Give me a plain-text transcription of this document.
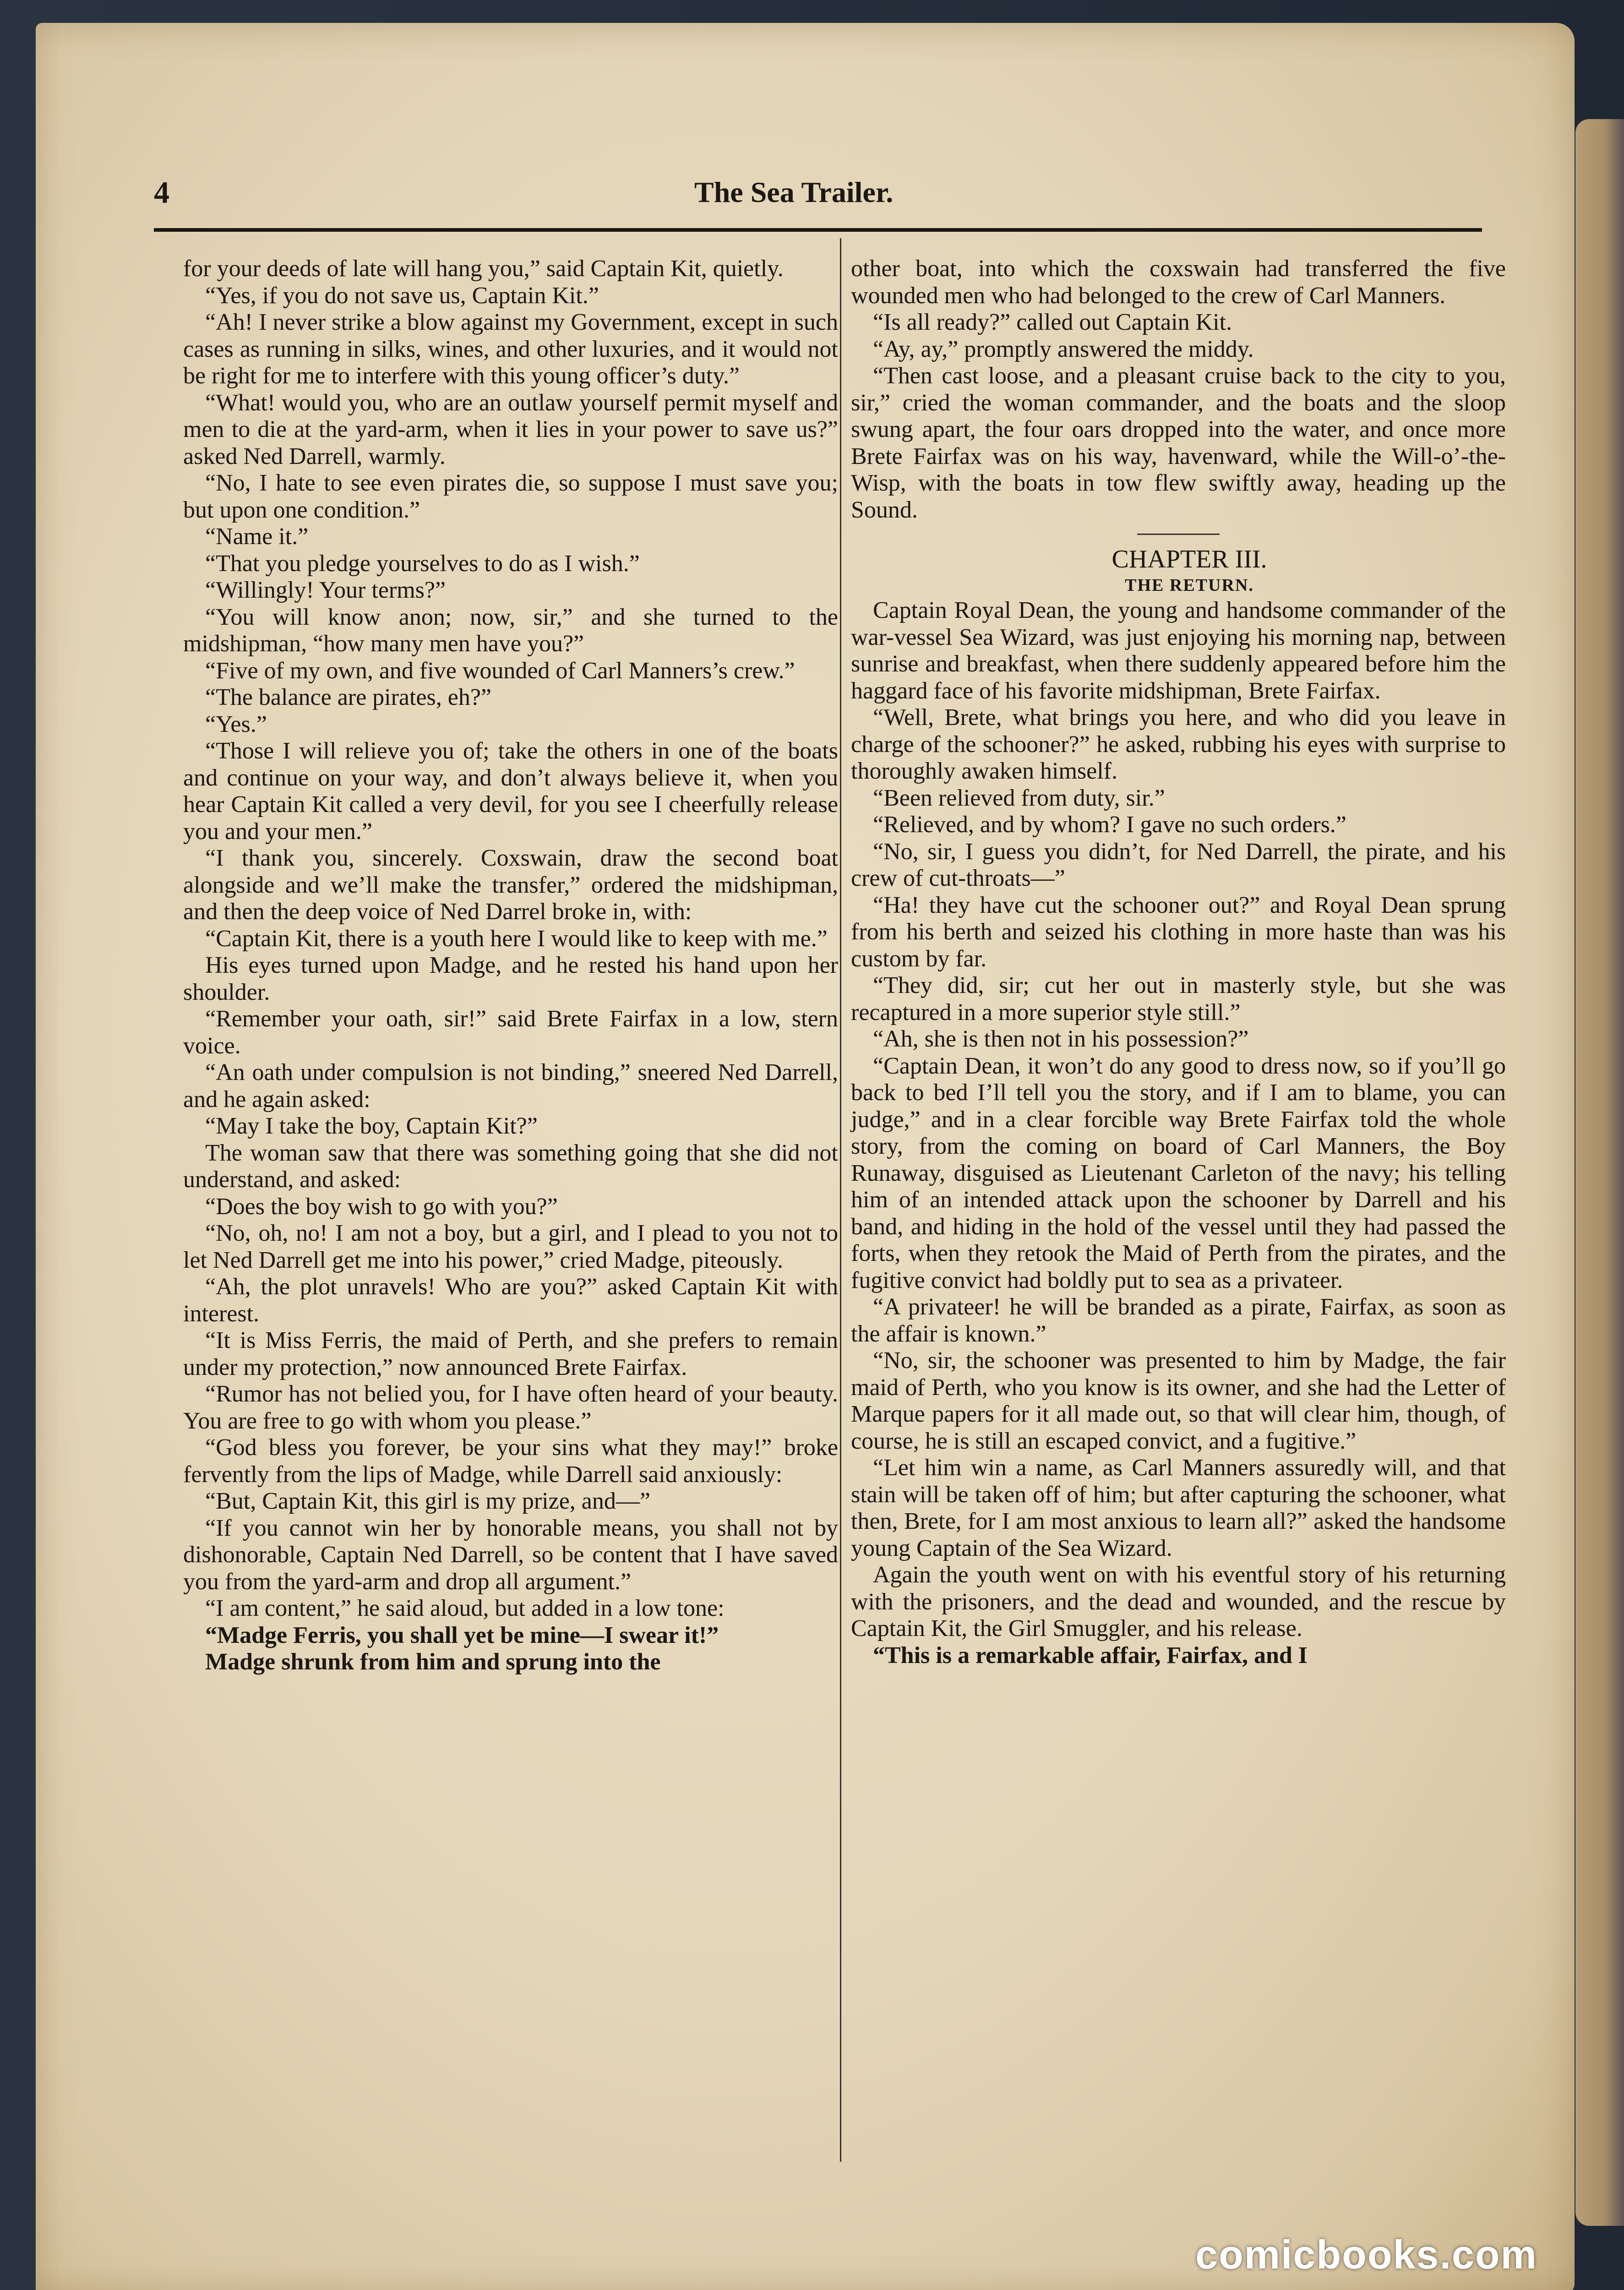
4	The Sea Trailer.

for your deeds of late will hang you,” said Captain Kit, quietly.

“Yes, if you do not save us, Captain Kit.”

“Ah! I never strike a blow against my Government, except in such cases as running in silks, wines, and other luxuries, and it would not be right for me to interfere with this young officer’s duty.”

“What! would you, who are an outlaw yourself permit myself and men to die at the yard-arm, when it lies in your power to save us?” asked Ned Darrell, warmly.

“No, I hate to see even pirates die, so suppose I must save you; but upon one condition.”

“Name it.”

“That you pledge yourselves to do as I wish.”

“Willingly! Your terms?”

“You will know anon; now, sir,” and she turned to the midshipman, “how many men have you?”

“Five of my own, and five wounded of Carl Manners’s crew.”

“The balance are pirates, eh?”

“Yes.”

“Those I will relieve you of; take the others in one of the boats and continue on your way, and don’t always believe it, when you hear Captain Kit called a very devil, for you see I cheerfully release you and your men.”

“I thank you, sincerely. Coxswain, draw the second boat alongside and we’ll make the transfer,” ordered the midshipman, and then the deep voice of Ned Darrel broke in, with:

“Captain Kit, there is a youth here I would like to keep with me.”

His eyes turned upon Madge, and he rested his hand upon her shoulder.

“Remember your oath, sir!” said Brete Fairfax in a low, stern voice.

“An oath under compulsion is not binding,” sneered Ned Darrell, and he again asked:

“May I take the boy, Captain Kit?”

The woman saw that there was something going that she did not understand, and asked:

“Does the boy wish to go with you?”

“No, oh, no! I am not a boy, but a girl, and I plead to you not to let Ned Darrell get me into his power,” cried Madge, piteously.

“Ah, the plot unravels! Who are you?” asked Captain Kit with interest.

“It is Miss Ferris, the maid of Perth, and she prefers to remain under my protection,” now announced Brete Fairfax.

“Rumor has not belied you, for I have often heard of your beauty. You are free to go with whom you please.”

“God bless you forever, be your sins what they may!” broke fervently from the lips of Madge, while Darrell said anxiously:

“But, Captain Kit, this girl is my prize, and—”

“If you cannot win her by honorable means, you shall not by dishonorable, Captain Ned Darrell, so be content that I have saved you from the yard-arm and drop all argument.”

“I am content,” he said aloud, but added in a low tone:

“Madge Ferris, you shall yet be mine—I swear it!”

Madge shrunk from him and sprung into the

other boat, into which the coxswain had transferred the five wounded men who had belonged to the crew of Carl Manners.

“Is all ready?” called out Captain Kit.

“Ay, ay,” promptly answered the middy.

“Then cast loose, and a pleasant cruise back to the city to you, sir,” cried the woman commander, and the boats and the sloop swung apart, the four oars dropped into the water, and once more Brete Fairfax was on his way, havenward, while the Will-o’-the-Wisp, with the boats in tow flew swiftly away, heading up the Sound.

CHAPTER III.

THE RETURN.

Captain Royal Dean, the young and handsome commander of the war-vessel Sea Wizard, was just enjoying his morning nap, between sunrise and breakfast, when there suddenly appeared before him the haggard face of his favorite midshipman, Brete Fairfax.

“Well, Brete, what brings you here, and who did you leave in charge of the schooner?” he asked, rubbing his eyes with surprise to thoroughly awaken himself.

“Been relieved from duty, sir.”

“Relieved, and by whom? I gave no such orders.”

“No, sir, I guess you didn’t, for Ned Darrell, the pirate, and his crew of cut-throats—”

“Ha! they have cut the schooner out?” and Royal Dean sprung from his berth and seized his clothing in more haste than was his custom by far.

“They did, sir; cut her out in masterly style, but she was recaptured in a more superior style still.”

“Ah, she is then not in his possession?”

“Captain Dean, it won’t do any good to dress now, so if you’ll go back to bed I’ll tell you the story, and if I am to blame, you can judge,” and in a clear forcible way Brete Fairfax told the whole story, from the coming on board of Carl Manners, the Boy Runaway, disguised as Lieutenant Carleton of the navy; his telling him of an intended attack upon the schooner by Darrell and his band, and hiding in the hold of the vessel until they had passed the forts, when they retook the Maid of Perth from the pirates, and the fugitive convict had boldly put to sea as a privateer.

“A privateer! he will be branded as a pirate, Fairfax, as soon as the affair is known.”

“No, sir, the schooner was presented to him by Madge, the fair maid of Perth, who you know is its owner, and she had the Letter of Marque papers for it all made out, so that will clear him, though, of course, he is still an escaped convict, and a fugitive.”

“Let him win a name, as Carl Manners assuredly will, and that stain will be taken off of him; but after capturing the schooner, what then, Brete, for I am most anxious to learn all?” asked the handsome young Captain of the Sea Wizard.

Again the youth went on with his eventful story of his returning with the prisoners, and the dead and wounded, and the rescue by Captain Kit, the Girl Smuggler, and his release.

“This is a remarkable affair, Fairfax, and I

comicbooks.com
